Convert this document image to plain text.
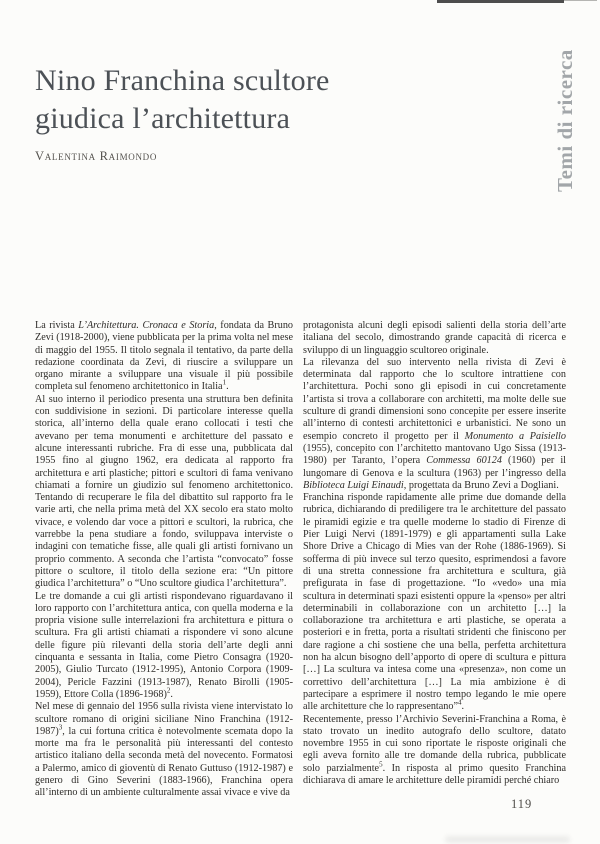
Temi di ricerca
Nino Franchina scultore
giudica l’architettura
Valentina Raimondo

La rivista L’Architettura. Cronaca e Storia, fondata da Bruno Zevi (1918-2000), viene pubblicata per la prima volta nel mese di maggio del 1955. Il titolo segnala il tentativo, da parte della redazione coordinata da Zevi, di riuscire a sviluppare un organo mirante a sviluppare una visuale il più possibile completa sul fenomeno architettonico in Italia$^1$.

Al suo interno il periodico presenta una struttura ben definita con suddivisione in sezioni. Di particolare interesse quella storica, all’interno della quale erano collocati i testi che avevano per tema monumenti e architetture del passato e alcune interessanti rubriche. Fra di esse una, pubblicata dal 1955 fino al giugno 1962, era dedicata al rapporto fra architettura e arti plastiche; pittori e scultori di fama venivano chiamati a fornire un giudizio sul fenomeno architettonico. Tentando di recuperare le fila del dibattito sul rapporto fra le varie arti, che nella prima metà del XX secolo era stato molto vivace, e volendo dar voce a pittori e scultori, la rubrica, che varrebbe la pena studiare a fondo, sviluppava interviste o indagini con tematiche fisse, alle quali gli artisti fornivano un proprio commento. A seconda che l’artista “convocato” fosse pittore o scultore, il titolo della sezione era: “Un pittore giudica l’architettura” o “Uno scultore giudica l’architettura”.

Le tre domande a cui gli artisti rispondevano riguardavano il loro rapporto con l’architettura antica, con quella moderna e la propria visione sulle interrelazioni fra architettura e pittura o scultura. Fra gli artisti chiamati a rispondere vi sono alcune delle figure più rilevanti della storia dell’arte degli anni cinquanta e sessanta in Italia, come Pietro Consagra (1920-2005), Giulio Turcato (1912-1995), Antonio Corpora (1909-2004), Pericle Fazzini (1913-1987), Renato Birolli (1905-1959), Ettore Colla (1896-1968)$^2$.

Nel mese di gennaio del 1956 sulla rivista viene intervistato lo scultore romano di origini siciliane Nino Franchina (1912-1987)$^3$, la cui fortuna critica è notevolmente scemata dopo la morte ma fra le personalità più interessanti del contesto artistico italiano della seconda metà del novecento. Formatosi a Palermo, amico di gioventù di Renato Guttuso (1912-1987) e genero di Gino Severini (1883-1966), Franchina opera all’interno di un ambiente culturalmente assai vivace e vive da

protagonista alcuni degli episodi salienti della storia dell’arte italiana del secolo, dimostrando grande capacità di ricerca e sviluppo di un linguaggio scultoreo originale.

La rilevanza del suo intervento nella rivista di Zevi è determinata dal rapporto che lo scultore intrattiene con l’architettura. Pochi sono gli episodi in cui concretamente l’artista si trova a collaborare con architetti, ma molte delle sue sculture di grandi dimensioni sono concepite per essere inserite all’interno di contesti architettonici e urbanistici. Ne sono un esempio concreto il progetto per il Monumento a Paisiello (1955), concepito con l’architetto mantovano Ugo Sissa (1913-1980) per Taranto, l’opera Commessa 60124 (1960) per il lungomare di Genova e la scultura (1963) per l’ingresso della Biblioteca Luigi Einaudi, progettata da Bruno Zevi a Dogliani.

Franchina risponde rapidamente alle prime due domande della rubrica, dichiarando di prediligere tra le architetture del passato le piramidi egizie e tra quelle moderne lo stadio di Firenze di Pier Luigi Nervi (1891-1979) e gli appartamenti sulla Lake Shore Drive a Chicago di Mies van der Rohe (1886-1969). Si sofferma di più invece sul terzo quesito, esprimendosi a favore di una stretta connessione fra architettura e scultura, già prefigurata in fase di progettazione. “Io «vedo» una mia scultura in determinati spazi esistenti oppure la «penso» per altri determinabili in collaborazione con un architetto […] la collaborazione tra architettura e arti plastiche, se operata a posteriori e in fretta, porta a risultati stridenti che finiscono per dare ragione a chi sostiene che una bella, perfetta architettura non ha alcun bisogno dell’apporto di opere di scultura e pittura […] La scultura va intesa come una «presenza», non come un correttivo dell’architettura […] La mia ambizione è di partecipare a esprimere il nostro tempo legando le mie opere alle architetture che lo rappresentano”$^4$.

Recentemente, presso l’Archivio Severini-Franchina a Roma, è stato trovato un inedito autografo dello scultore, datato novembre 1955 in cui sono riportate le risposte originali che egli aveva fornito alle tre domande della rubrica, pubblicate solo parzialmente$^5$. In risposta al primo quesito Franchina dichiarava di amare le architetture delle piramidi perché chiaro

119
